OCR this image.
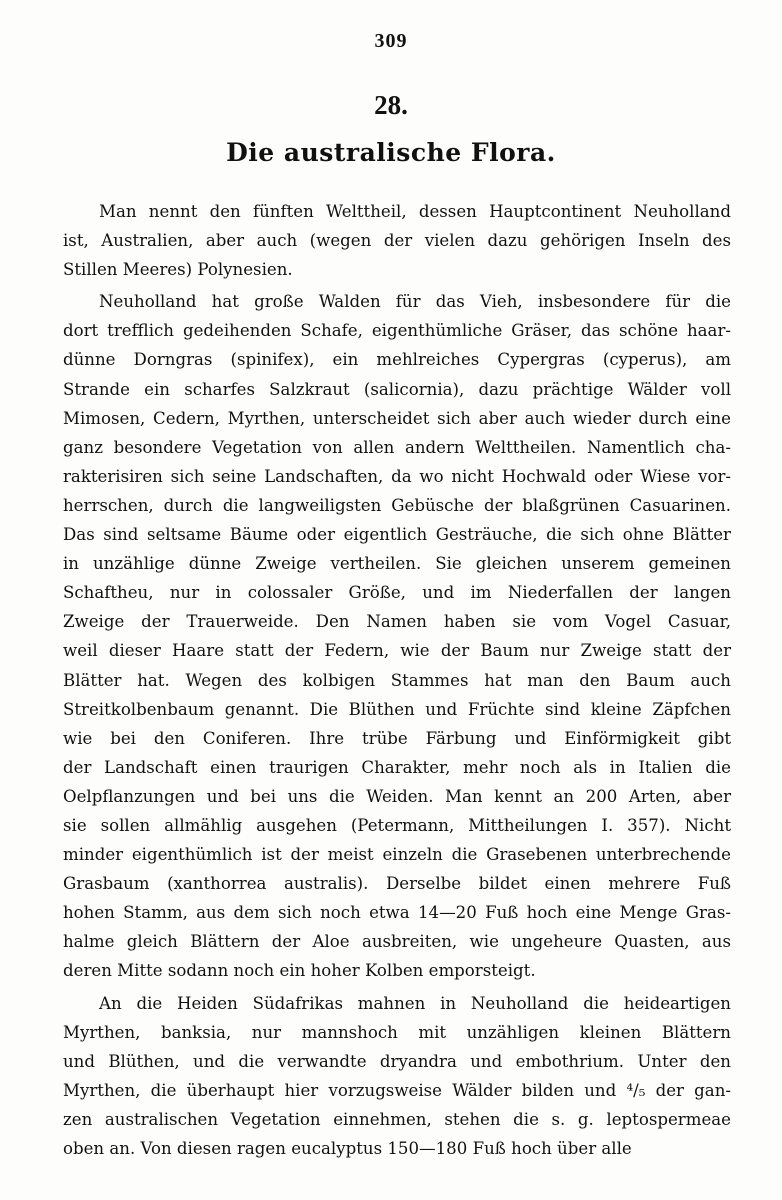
309
28.
Die australische Flora.
Man nennt den fünften Welttheil, dessen Hauptcontinent Neuholland
ist, Australien, aber auch (wegen der vielen dazu gehörigen Inseln des
Stillen Meeres) Polynesien.
Neuholland hat große Walden für das Vieh, insbesondere für die
dort trefflich gedeihenden Schafe, eigenthümliche Gräser, das schöne haar-
dünne Dorngras (spinifex), ein mehlreiches Cypergras (cyperus), am
Strande ein scharfes Salzkraut (salicornia), dazu prächtige Wälder voll
Mimosen, Cedern, Myrthen, unterscheidet sich aber auch wieder durch eine
ganz besondere Vegetation von allen andern Welttheilen. Namentlich cha-
rakterisiren sich seine Landschaften, da wo nicht Hochwald oder Wiese vor-
herrschen, durch die langweiligsten Gebüsche der blaßgrünen Casuarinen.
Das sind seltsame Bäume oder eigentlich Gesträuche, die sich ohne Blätter
in unzählige dünne Zweige vertheilen. Sie gleichen unserem gemeinen
Schaftheu, nur in colossaler Größe, und im Niederfallen der langen
Zweige der Trauerweide. Den Namen haben sie vom Vogel Casuar,
weil dieser Haare statt der Federn, wie der Baum nur Zweige statt der
Blätter hat. Wegen des kolbigen Stammes hat man den Baum auch
Streitkolbenbaum genannt. Die Blüthen und Früchte sind kleine Zäpfchen
wie bei den Coniferen. Ihre trübe Färbung und Einförmigkeit gibt
der Landschaft einen traurigen Charakter, mehr noch als in Italien die
Oelpflanzungen und bei uns die Weiden. Man kennt an 200 Arten, aber
sie sollen allmählig ausgehen (Petermann, Mittheilungen I. 357). Nicht
minder eigenthümlich ist der meist einzeln die Grasebenen unterbrechende
Grasbaum (xanthorrea australis). Derselbe bildet einen mehrere Fuß
hohen Stamm, aus dem sich noch etwa 14—20 Fuß hoch eine Menge Gras-
halme gleich Blättern der Aloe ausbreiten, wie ungeheure Quasten, aus
deren Mitte sodann noch ein hoher Kolben emporsteigt.
An die Heiden Südafrikas mahnen in Neuholland die heideartigen
Myrthen, banksia, nur mannshoch mit unzähligen kleinen Blättern
und Blüthen, und die verwandte dryandra und embothrium. Unter den
Myrthen, die überhaupt hier vorzugsweise Wälder bilden und ⁴/₅ der gan-
zen australischen Vegetation einnehmen, stehen die s. g. leptospermeae
oben an. Von diesen ragen eucalyptus 150—180 Fuß hoch über alle
